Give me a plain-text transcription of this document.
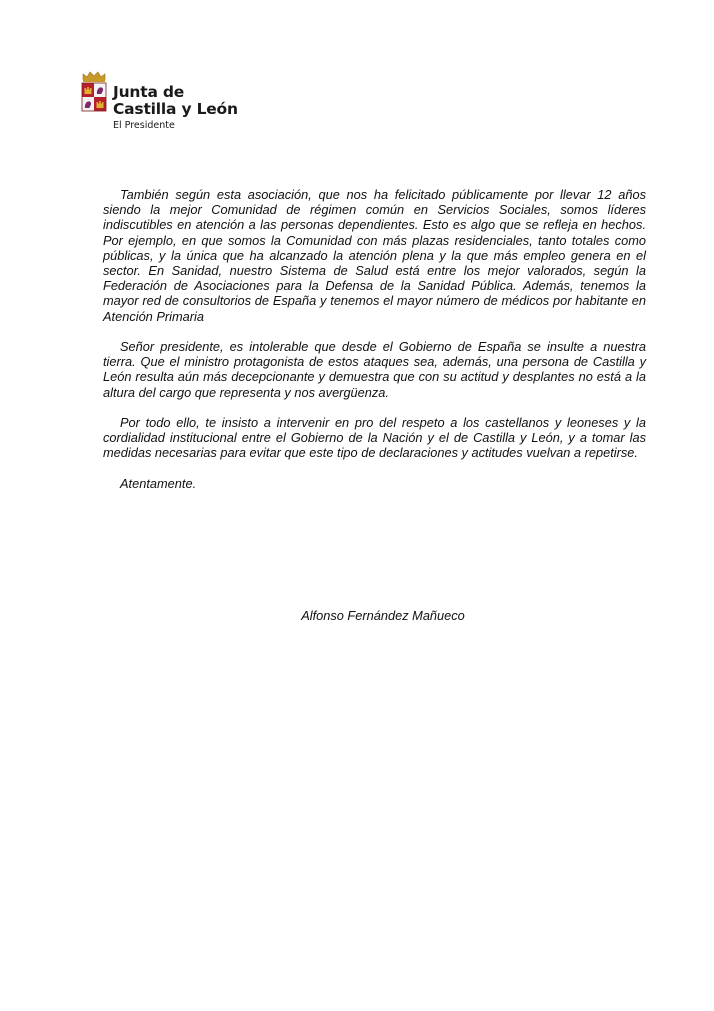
Junta de
Castilla y León
El Presidente

También según esta asociación, que nos ha felicitado públicamente por llevar 12 años siendo la mejor Comunidad de régimen común en Servicios Sociales, somos líderes indiscutibles en atención a las personas dependientes. Esto es algo que se refleja en hechos. Por ejemplo, en que somos la Comunidad con más plazas residenciales, tanto totales como públicas, y la única que ha alcanzado la atención plena y la que más empleo genera en el sector. En Sanidad, nuestro Sistema de Salud está entre los mejor valorados, según la Federación de Asociaciones para la Defensa de la Sanidad Pública. Además, tenemos la mayor red de consultorios de España y tenemos el mayor número de médicos por habitante en Atención Primaria

Señor presidente, es intolerable que desde el Gobierno de España se insulte a nuestra tierra. Que el ministro protagonista de estos ataques sea, además, una persona de Castilla y León resulta aún más decepcionante y demuestra que con su actitud y desplantes no está a la altura del cargo que representa y nos avergüenza.

Por todo ello, te insisto a intervenir en pro del respeto a los castellanos y leoneses y la cordialidad institucional entre el Gobierno de la Nación y el de Castilla y León, y a tomar las medidas necesarias para evitar que este tipo de declaraciones y actitudes vuelvan a repetirse.

Atentamente.

Alfonso Fernández Mañueco
